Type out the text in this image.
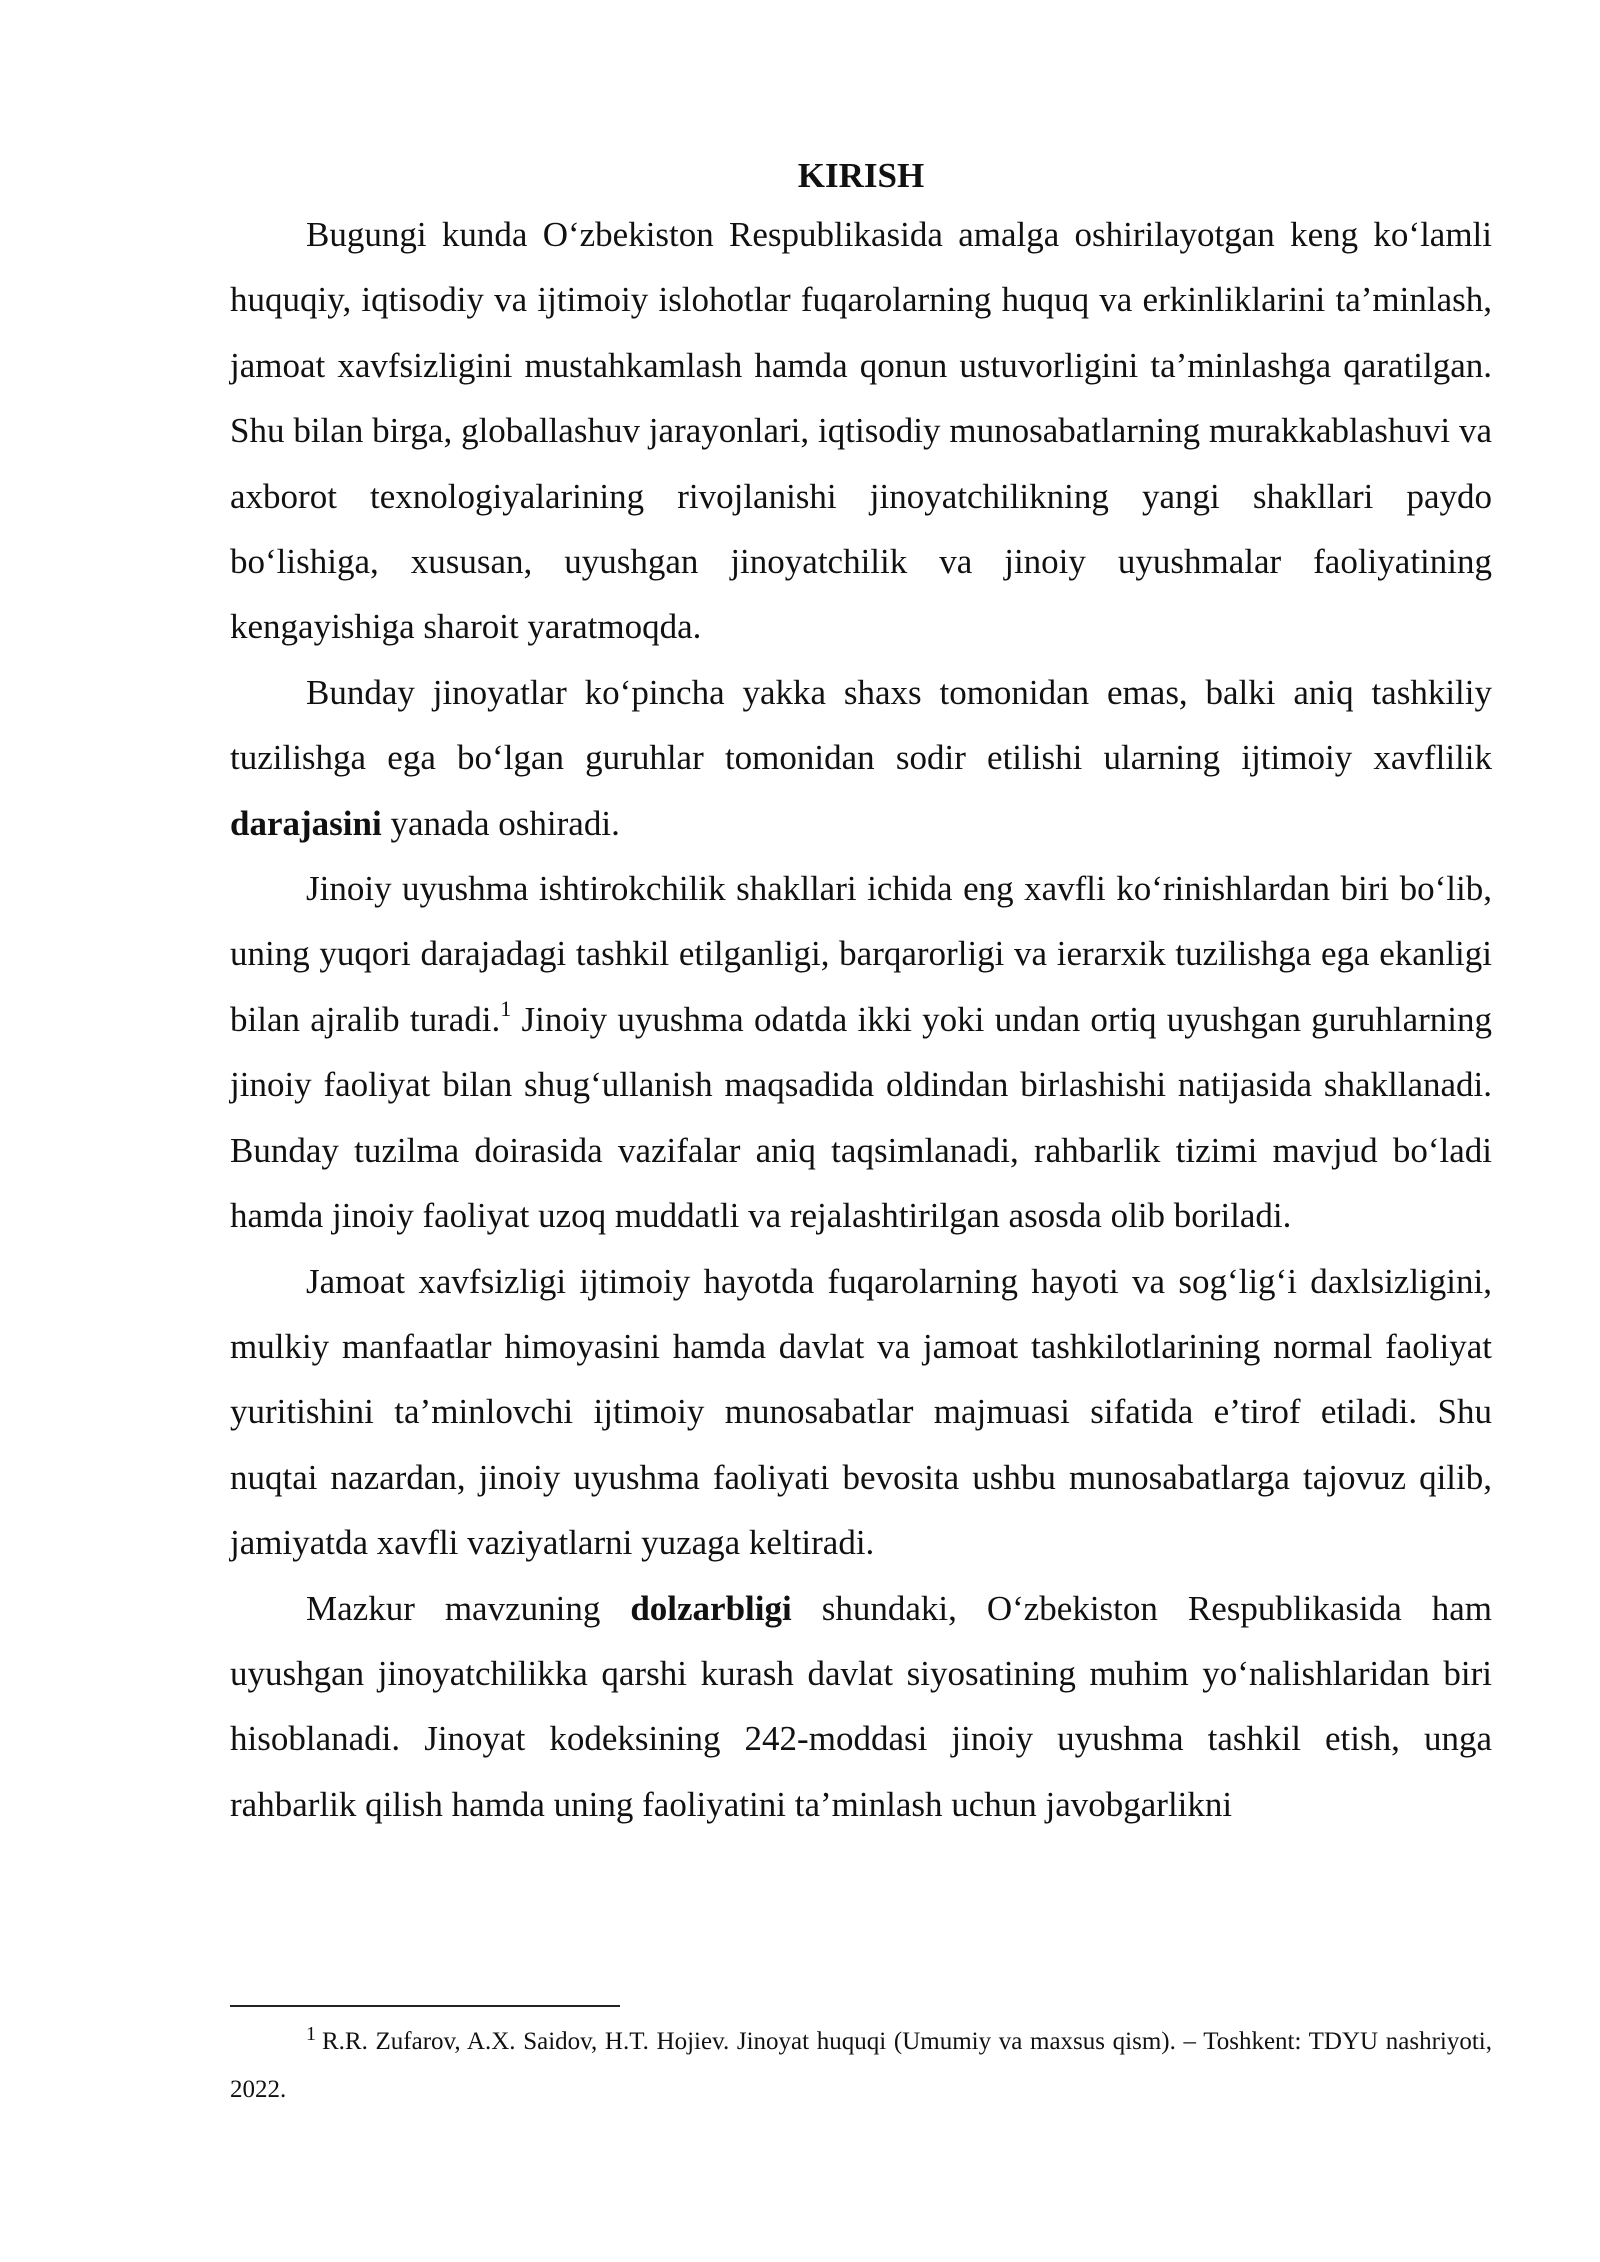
KIRISH

Bugungi kunda O‘zbekiston Respublikasida amalga oshirilayotgan keng ko‘lamli huquqiy, iqtisodiy va ijtimoiy islohotlar fuqarolarning huquq va erkinliklarini ta’minlash, jamoat xavfsizligini mustahkamlash hamda qonun ustuvorligini ta’minlashga qaratilgan. Shu bilan birga, globallashuv jarayonlari, iqtisodiy munosabatlarning murakkablashuvi va axborot texnologiyalarining rivojlanishi jinoyatchilikning yangi shakllari paydo bo‘lishiga, xususan, uyushgan jinoyatchilik va jinoiy uyushmalar faoliyatining kengayishiga sharoit yaratmoqda.

Bunday jinoyatlar ko‘pincha yakka shaxs tomonidan emas, balki aniq tashkiliy tuzilishga ega bo‘lgan guruhlar tomonidan sodir etilishi ularning ijtimoiy xavflilik darajasini yanada oshiradi.

Jinoiy uyushma ishtirokchilik shakllari ichida eng xavfli ko‘rinishlardan biri bo‘lib, uning yuqori darajadagi tashkil etilganligi, barqarorligi va ierarxik tuzilishga ega ekanligi bilan ajralib turadi.$^1$ Jinoiy uyushma odatda ikki yoki undan ortiq uyushgan guruhlarning jinoiy faoliyat bilan shug‘ullanish maqsadida oldindan birlashishi natijasida shakllanadi. Bunday tuzilma doirasida vazifalar aniq taqsimlanadi, rahbarlik tizimi mavjud bo‘ladi hamda jinoiy faoliyat uzoq muddatli va rejalashtirilgan asosda olib boriladi.

Jamoat xavfsizligi ijtimoiy hayotda fuqarolarning hayoti va sog‘lig‘i daxlsizligini, mulkiy manfaatlar himoyasini hamda davlat va jamoat tashkilotlarining normal faoliyat yuritishini ta’minlovchi ijtimoiy munosabatlar majmuasi sifatida e’tirof etiladi. Shu nuqtai nazardan, jinoiy uyushma faoliyati bevosita ushbu munosabatlarga tajovuz qilib, jamiyatda xavfli vaziyatlarni yuzaga keltiradi.

Mazkur mavzuning dolzarbligi shundaki, O‘zbekiston Respublikasida ham uyushgan jinoyatchilikka qarshi kurash davlat siyosatining muhim yo‘nalishlaridan biri hisoblanadi. Jinoyat kodeksining 242-moddasi jinoiy uyushma tashkil etish, unga rahbarlik qilish hamda uning faoliyatini ta’minlash uchun javobgarlikni

$^1$ R.R. Zufarov, A.X. Saidov, H.T. Hojiev. Jinoyat huquqi (Umumiy va maxsus qism). – Toshkent: TDYU nashriyoti, 2022.
